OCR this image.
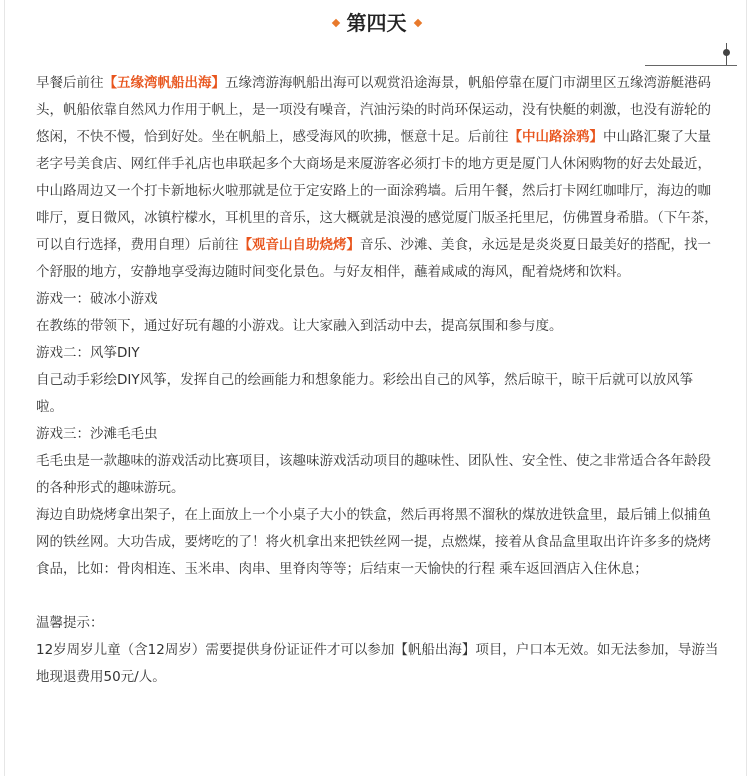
第四天

早餐后前往【五缘湾帆船出海】五缘湾游海帆船出海可以观赏沿途海景，帆船停靠在厦门市湖里区五缘湾游艇港码头，帆船依靠自然风力作用于帆上，是一项没有噪音，汽油污染的时尚环保运动，没有快艇的刺激，也没有游轮的悠闲，不快不慢，恰到好处。坐在帆船上，感受海风的吹拂，惬意十足。后前往【中山路涂鸦】中山路汇聚了大量老字号美食店、网红伴手礼店也串联起多个大商场是来厦游客必须打卡的地方更是厦门人休闲购物的好去处最近，中山路周边又一个打卡新地标火啦那就是位于定安路上的一面涂鸦墙。后用午餐，然后打卡网红咖啡厅，海边的咖啡厅，夏日微风，冰镇柠檬水，耳机里的音乐，这大概就是浪漫的感觉厦门版圣托里尼，仿佛置身希腊。（下午茶，可以自行选择，费用自理）后前往【观音山自助烧烤】音乐、沙滩、美食，永远是是炎炎夏日最美好的搭配，找一个舒服的地方，安静地享受海边随时间变化景色。与好友相伴，蘸着咸咸的海风，配着烧烤和饮料。

游戏一：破冰小游戏

在教练的带领下，通过好玩有趣的小游戏。让大家融入到活动中去，提高氛围和参与度。

游戏二：风筝DIY

自己动手彩绘DIY风筝，发挥自己的绘画能力和想象能力。彩绘出自己的风筝，然后晾干，晾干后就可以放风筝啦。

游戏三：沙滩毛毛虫

毛毛虫是一款趣味的游戏活动比赛项目，该趣味游戏活动项目的趣味性、团队性、安全性、使之非常适合各年龄段的各种形式的趣味游玩。

海边自助烧烤拿出架子，在上面放上一个小桌子大小的铁盒，然后再将黑不溜秋的煤放进铁盒里，最后铺上似捕鱼网的铁丝网。大功告成，要烤吃的了！将火机拿出来把铁丝网一提，点燃煤，接着从食品盒里取出许许多多的烧烤食品，比如：骨肉相连、玉米串、肉串、里脊肉等等；后结束一天愉快的行程 乘车返回酒店入住休息；

温馨提示：

12岁周岁儿童（含12周岁）需要提供身份证证件才可以参加【帆船出海】项目，户口本无效。如无法参加，导游当地现退费用50元/人。
